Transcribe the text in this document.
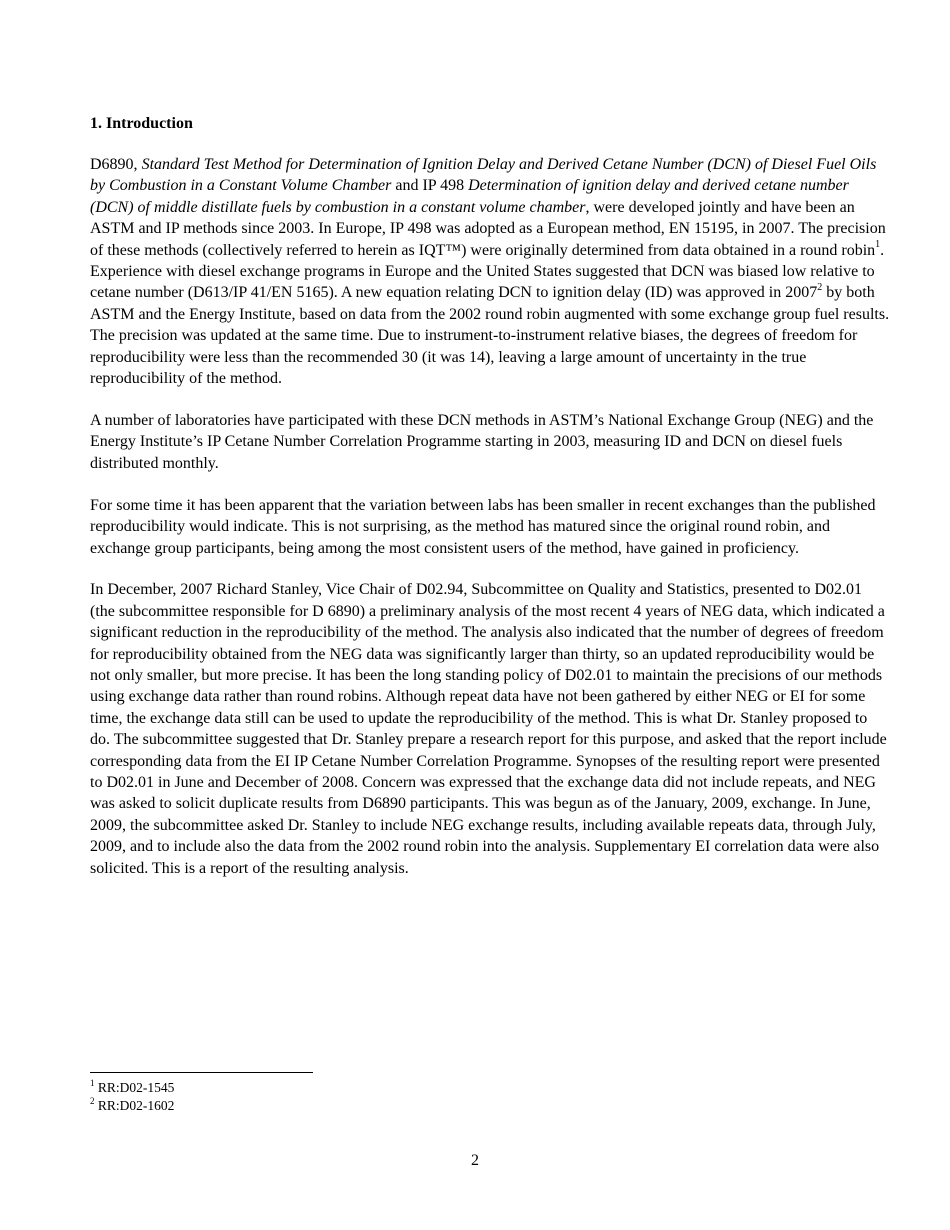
1. Introduction

D6890, Standard Test Method for Determination of Ignition Delay and Derived Cetane Number (DCN) of Diesel Fuel Oils by Combustion in a Constant Volume Chamber and IP 498 Determination of ignition delay and derived cetane number (DCN) of middle distillate fuels by combustion in a constant volume chamber, were developed jointly and have been an ASTM and IP methods since 2003. In Europe, IP 498 was adopted as a European method, EN 15195, in 2007. The precision of these methods (collectively referred to herein as IQT™) were originally determined from data obtained in a round robin$^1$. Experience with diesel exchange programs in Europe and the United States suggested that DCN was biased low relative to cetane number (D613/IP 41/EN 5165). A new equation relating DCN to ignition delay (ID) was approved in 2007$^2$ by both ASTM and the Energy Institute, based on data from the 2002 round robin augmented with some exchange group fuel results. The precision was updated at the same time. Due to instrument-to-instrument relative biases, the degrees of freedom for reproducibility were less than the recommended 30 (it was 14), leaving a large amount of uncertainty in the true reproducibility of the method.

A number of laboratories have participated with these DCN methods in ASTM’s National Exchange Group (NEG) and the Energy Institute’s IP Cetane Number Correlation Programme starting in 2003, measuring ID and DCN on diesel fuels distributed monthly.

For some time it has been apparent that the variation between labs has been smaller in recent exchanges than the published reproducibility would indicate. This is not surprising, as the method has matured since the original round robin, and exchange group participants, being among the most consistent users of the method, have gained in proficiency.

In December, 2007 Richard Stanley, Vice Chair of D02.94, Subcommittee on Quality and Statistics, presented to D02.01 (the subcommittee responsible for D 6890) a preliminary analysis of the most recent 4 years of NEG data, which indicated a significant reduction in the reproducibility of the method. The analysis also indicated that the number of degrees of freedom for reproducibility obtained from the NEG data was significantly larger than thirty, so an updated reproducibility would be not only smaller, but more precise. It has been the long standing policy of D02.01 to maintain the precisions of our methods using exchange data rather than round robins. Although repeat data have not been gathered by either NEG or EI for some time, the exchange data still can be used to update the reproducibility of the method. This is what Dr. Stanley proposed to do. The subcommittee suggested that Dr. Stanley prepare a research report for this purpose, and asked that the report include corresponding data from the EI IP Cetane Number Correlation Programme. Synopses of the resulting report were presented to D02.01 in June and December of 2008. Concern was expressed that the exchange data did not include repeats, and NEG was asked to solicit duplicate results from D6890 participants. This was begun as of the January, 2009, exchange. In June, 2009, the subcommittee asked Dr. Stanley to include NEG exchange results, including available repeats data, through July, 2009, and to include also the data from the 2002 round robin into the analysis. Supplementary EI correlation data were also solicited. This is a report of the resulting analysis.

$^1$ RR:D02-1545
$^2$ RR:D02-1602
2
